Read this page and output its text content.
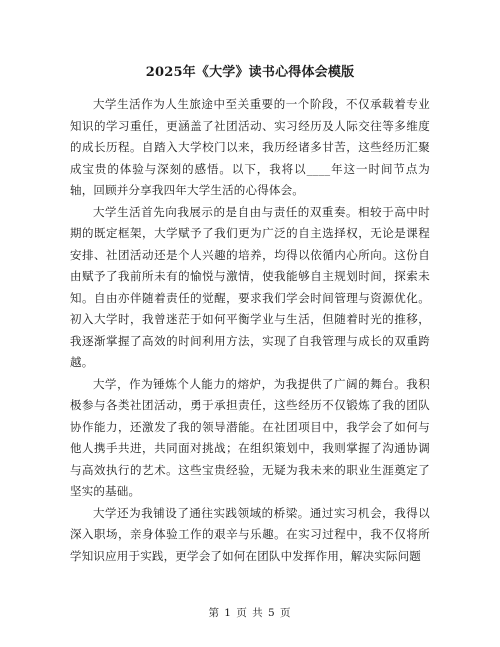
2025年《大学》读书心得体会模版

大学生活作为人生旅途中至关重要的一个阶段，不仅承载着专业知识的学习重任，更涵盖了社团活动、实习经历及人际交往等多维度的成长历程。自踏入大学校门以来，我历经诸多甘苦，这些经历汇聚成宝贵的体验与深刻的感悟。以下，我将以____年这一时间节点为轴，回顾并分享我四年大学生活的心得体会。

大学生活首先向我展示的是自由与责任的双重奏。相较于高中时期的既定框架，大学赋予了我们更为广泛的自主选择权，无论是课程安排、社团活动还是个人兴趣的培养，均得以依循内心所向。这份自由赋予了我前所未有的愉悦与激情，使我能够自主规划时间，探索未知。自由亦伴随着责任的觉醒，要求我们学会时间管理与资源优化。初入大学时，我曾迷茫于如何平衡学业与生活，但随着时光的推移，我逐渐掌握了高效的时间利用方法，实现了自我管理与成长的双重跨越。

大学，作为锤炼个人能力的熔炉，为我提供了广阔的舞台。我积极参与各类社团活动，勇于承担责任，这些经历不仅锻炼了我的团队协作能力，还激发了我的领导潜能。在社团项目中，我学会了如何与他人携手共进，共同面对挑战；在组织策划中，我则掌握了沟通协调与高效执行的艺术。这些宝贵经验，无疑为我未来的职业生涯奠定了坚实的基础。

大学还为我铺设了通往实践领域的桥梁。通过实习机会，我得以深入职场，亲身体验工作的艰辛与乐趣。在实习过程中，我不仅将所学知识应用于实践，更学会了如何在团队中发挥作用，解决实际问题

第 1 页 共 5 页
